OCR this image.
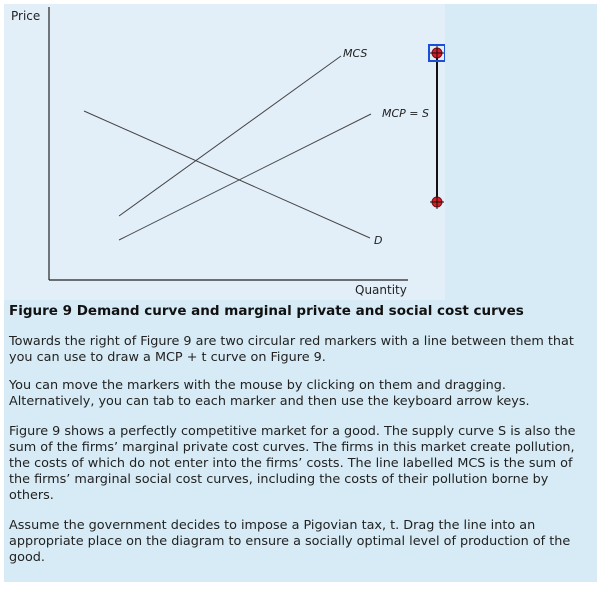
Price
Quantity
MCS
MCP = S
D
Figure 9 Demand curve and marginal private and social cost curves
Towards the right of Figure 9 are two circular red markers with a line between them that you can use to draw a MCP + t curve on Figure 9.
You can move the markers with the mouse by clicking on them and dragging. Alternatively, you can tab to each marker and then use the keyboard arrow keys.
Figure 9 shows a perfectly competitive market for a good. The supply curve S is also the sum of the firms’ marginal private cost curves. The firms in this market create pollution, the costs of which do not enter into the firms’ costs. The line labelled MCS is the sum of the firms’ marginal social cost curves, including the costs of their pollution borne by others.
Assume the government decides to impose a Pigovian tax, t. Drag the line into an appropriate place on the diagram to ensure a socially optimal level of production of the good.
